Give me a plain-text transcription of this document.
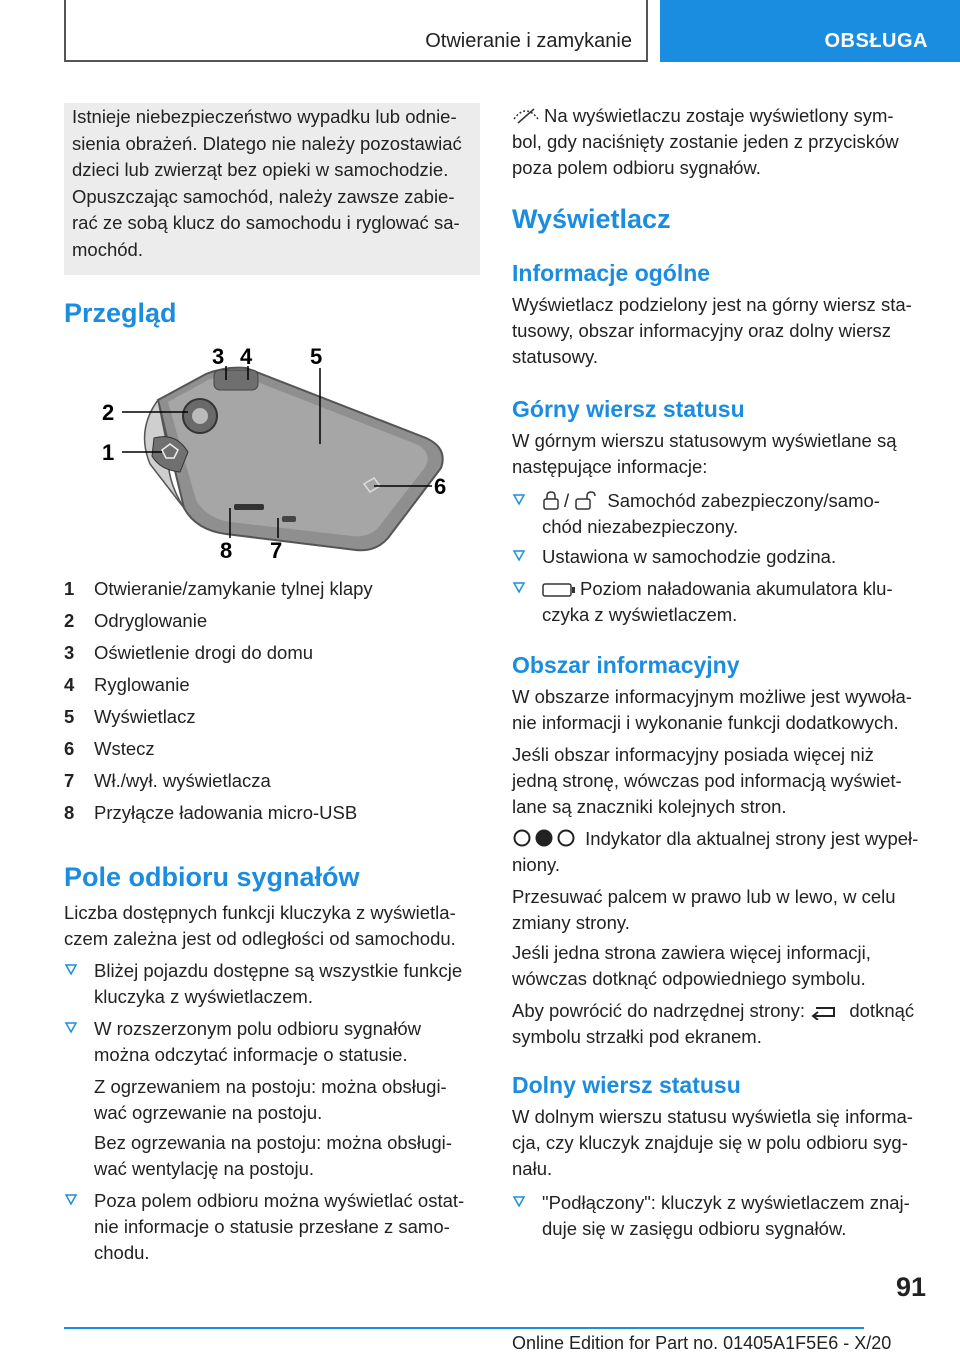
Otwieranie i zamykanie	OBSŁUGA

Istnieje niebezpieczeństwo wypadku lub odnie-

sienia obrażeń. Dlatego nie należy pozostawiać

dzieci lub zwierząt bez opieki w samochodzie.

Opuszczając samochód, należy zawsze zabie-

rać ze sobą klucz do samochodu i ryglować sa-

mochód.

Przegląd
3 4	5
2
1
6
7
8
1 Otwieranie/zamykanie tylnej klapy
2 Odryglowanie
3 Oświetlenie drogi do domu
4 Ryglowanie
5 Wyświetlacz
6 Wstecz
7 Wł./wył. wyświetlacza
8 Przyłącze ładowania micro-USB
Pole odbioru sygnałów

Liczba dostępnych funkcji kluczyka z wyświetla-

czem zależna jest od odległości od samochodu.

Bliżej pojazdu dostępne są wszystkie funkcje

kluczyka z wyświetlaczem.

W rozszerzonym polu odbioru sygnałów

można odczytać informacje o statusie.

Z ogrzewaniem na postoju: można obsługi-

wać ogrzewanie na postoju.

Bez ogrzewania na postoju: można obsługi-

wać wentylację na postoju.

Poza polem odbioru można wyświetlać ostat-

nie informacje o statusie przesłane z samo-

chodu.

Na wyświetlaczu zostaje wyświetlony sym-

bol, gdy naciśnięty zostanie jeden z przycisków

poza polem odbioru sygnałów.

Wyświetlacz
Informacje ogólne

Wyświetlacz podzielony jest na górny wiersz sta-

tusowy, obszar informacyjny oraz dolny wiersz

statusowy.

Górny wiersz statusu

W górnym wierszu statusowym wyświetlane są

następujące informacje:

/ Samochód zabezpieczony/samo-

chód niezabezpieczony.

Ustawiona w samochodzie godzina.

Poziom naładowania akumulatora klu-

czyka z wyświetlaczem.

Obszar informacyjny

W obszarze informacyjnym możliwe jest wywoła-

nie informacji i wykonanie funkcji dodatkowych.

Jeśli obszar informacyjny posiada więcej niż

jedną stronę, wówczas pod informacją wyświet-

lane są znaczniki kolejnych stron.

Indykator dla aktualnej strony jest wypeł-

niony.

Przesuwać palcem w prawo lub w lewo, w celu

zmiany strony.

Jeśli jedna strona zawiera więcej informacji,

wówczas dotknąć odpowiedniego symbolu.

Aby powrócić do nadrzędnej strony: dotknąć

symbolu strzałki pod ekranem.

Dolny wiersz statusu

W dolnym wierszu statusu wyświetla się informa-

cja, czy kluczyk znajduje się w polu odbioru syg-

nału.

"Podłączony": kluczyk z wyświetlaczem znaj-

duje się w zasięgu odbioru sygnałów.

91
Online Edition for Part no. 01405A1F5E6 - X/20
